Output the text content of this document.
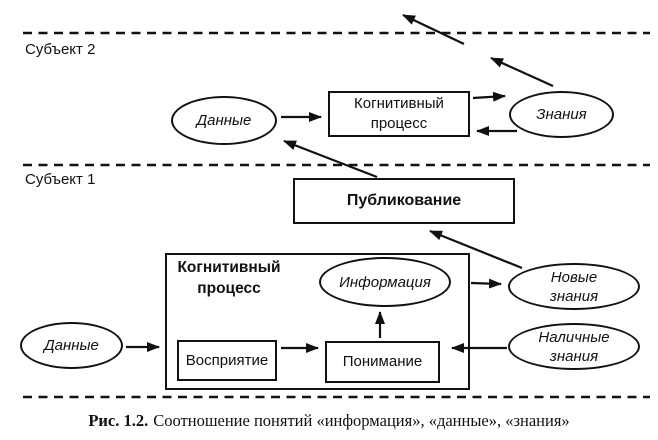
Субъект 2
Субъект 1
Данные
Когнитивный процесс
Знания
Публикование
Когнитивный процесс	Информация
Восприятие	Понимание
Данные
Новые знания
Наличные знания
Рис. 1.2. Соотношение понятий «информация», «данные», «знания»
